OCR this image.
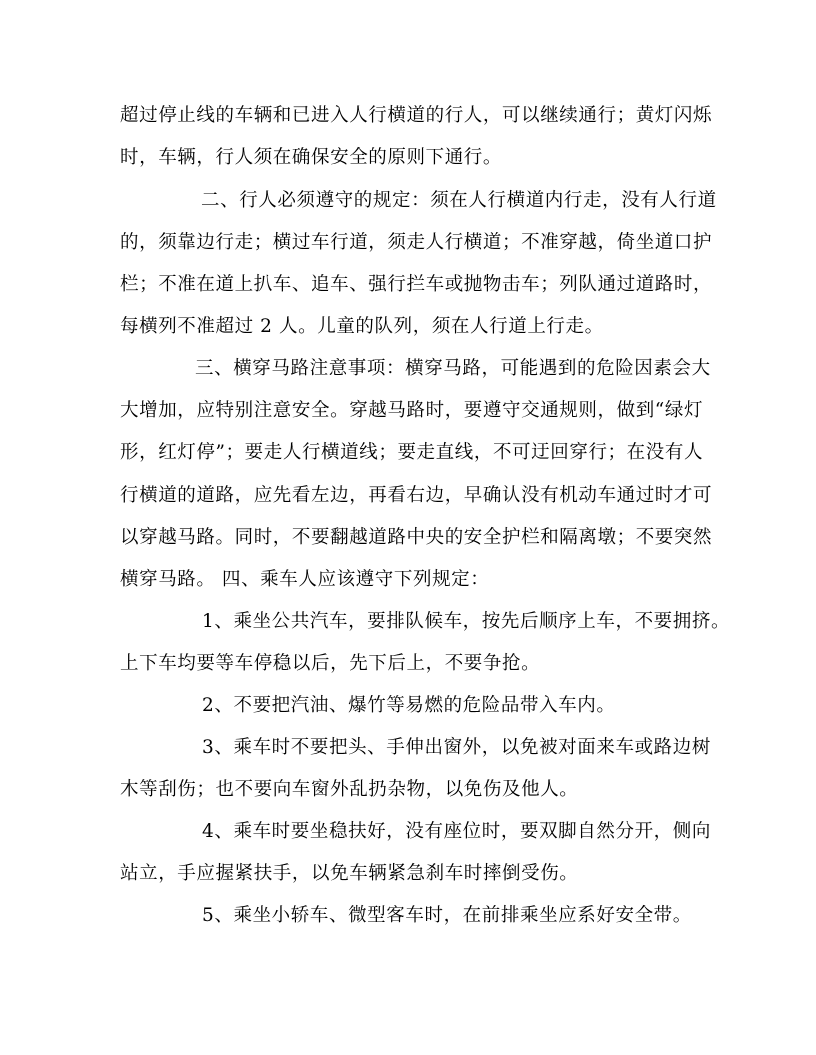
超过停止线的车辆和已进入人行横道的行人，可以继续通行；黄灯闪烁
时，车辆，行人须在确保安全的原则下通行。
二、行人必须遵守的规定：须在人行横道内行走，没有人行道
的，须靠边行走；横过车行道，须走人行横道；不准穿越，倚坐道口护
栏；不准在道上扒车、追车、强行拦车或抛物击车；列队通过道路时，
每横列不准超过 2 人。儿童的队列，须在人行道上行走。
三、横穿马路注意事项：横穿马路，可能遇到的危险因素会大
大增加，应特别注意安全。穿越马路时，要遵守交通规则，做到“绿灯
形，红灯停”；要走人行横道线；要走直线，不可迂回穿行；在没有人
行横道的道路，应先看左边，再看右边，早确认没有机动车通过时才可
以穿越马路。同时，不要翻越道路中央的安全护栏和隔离墩；不要突然
横穿马路。 四、乘车人应该遵守下列规定：
1、乘坐公共汽车，要排队候车，按先后顺序上车，不要拥挤。
上下车均要等车停稳以后，先下后上，不要争抢。
2、不要把汽油、爆竹等易燃的危险品带入车内。
3、乘车时不要把头、手伸出窗外，以免被对面来车或路边树
木等刮伤；也不要向车窗外乱扔杂物，以免伤及他人。
4、乘车时要坐稳扶好，没有座位时，要双脚自然分开，侧向
站立，手应握紧扶手，以免车辆紧急刹车时摔倒受伤。
5、乘坐小轿车、微型客车时，在前排乘坐应系好安全带。
